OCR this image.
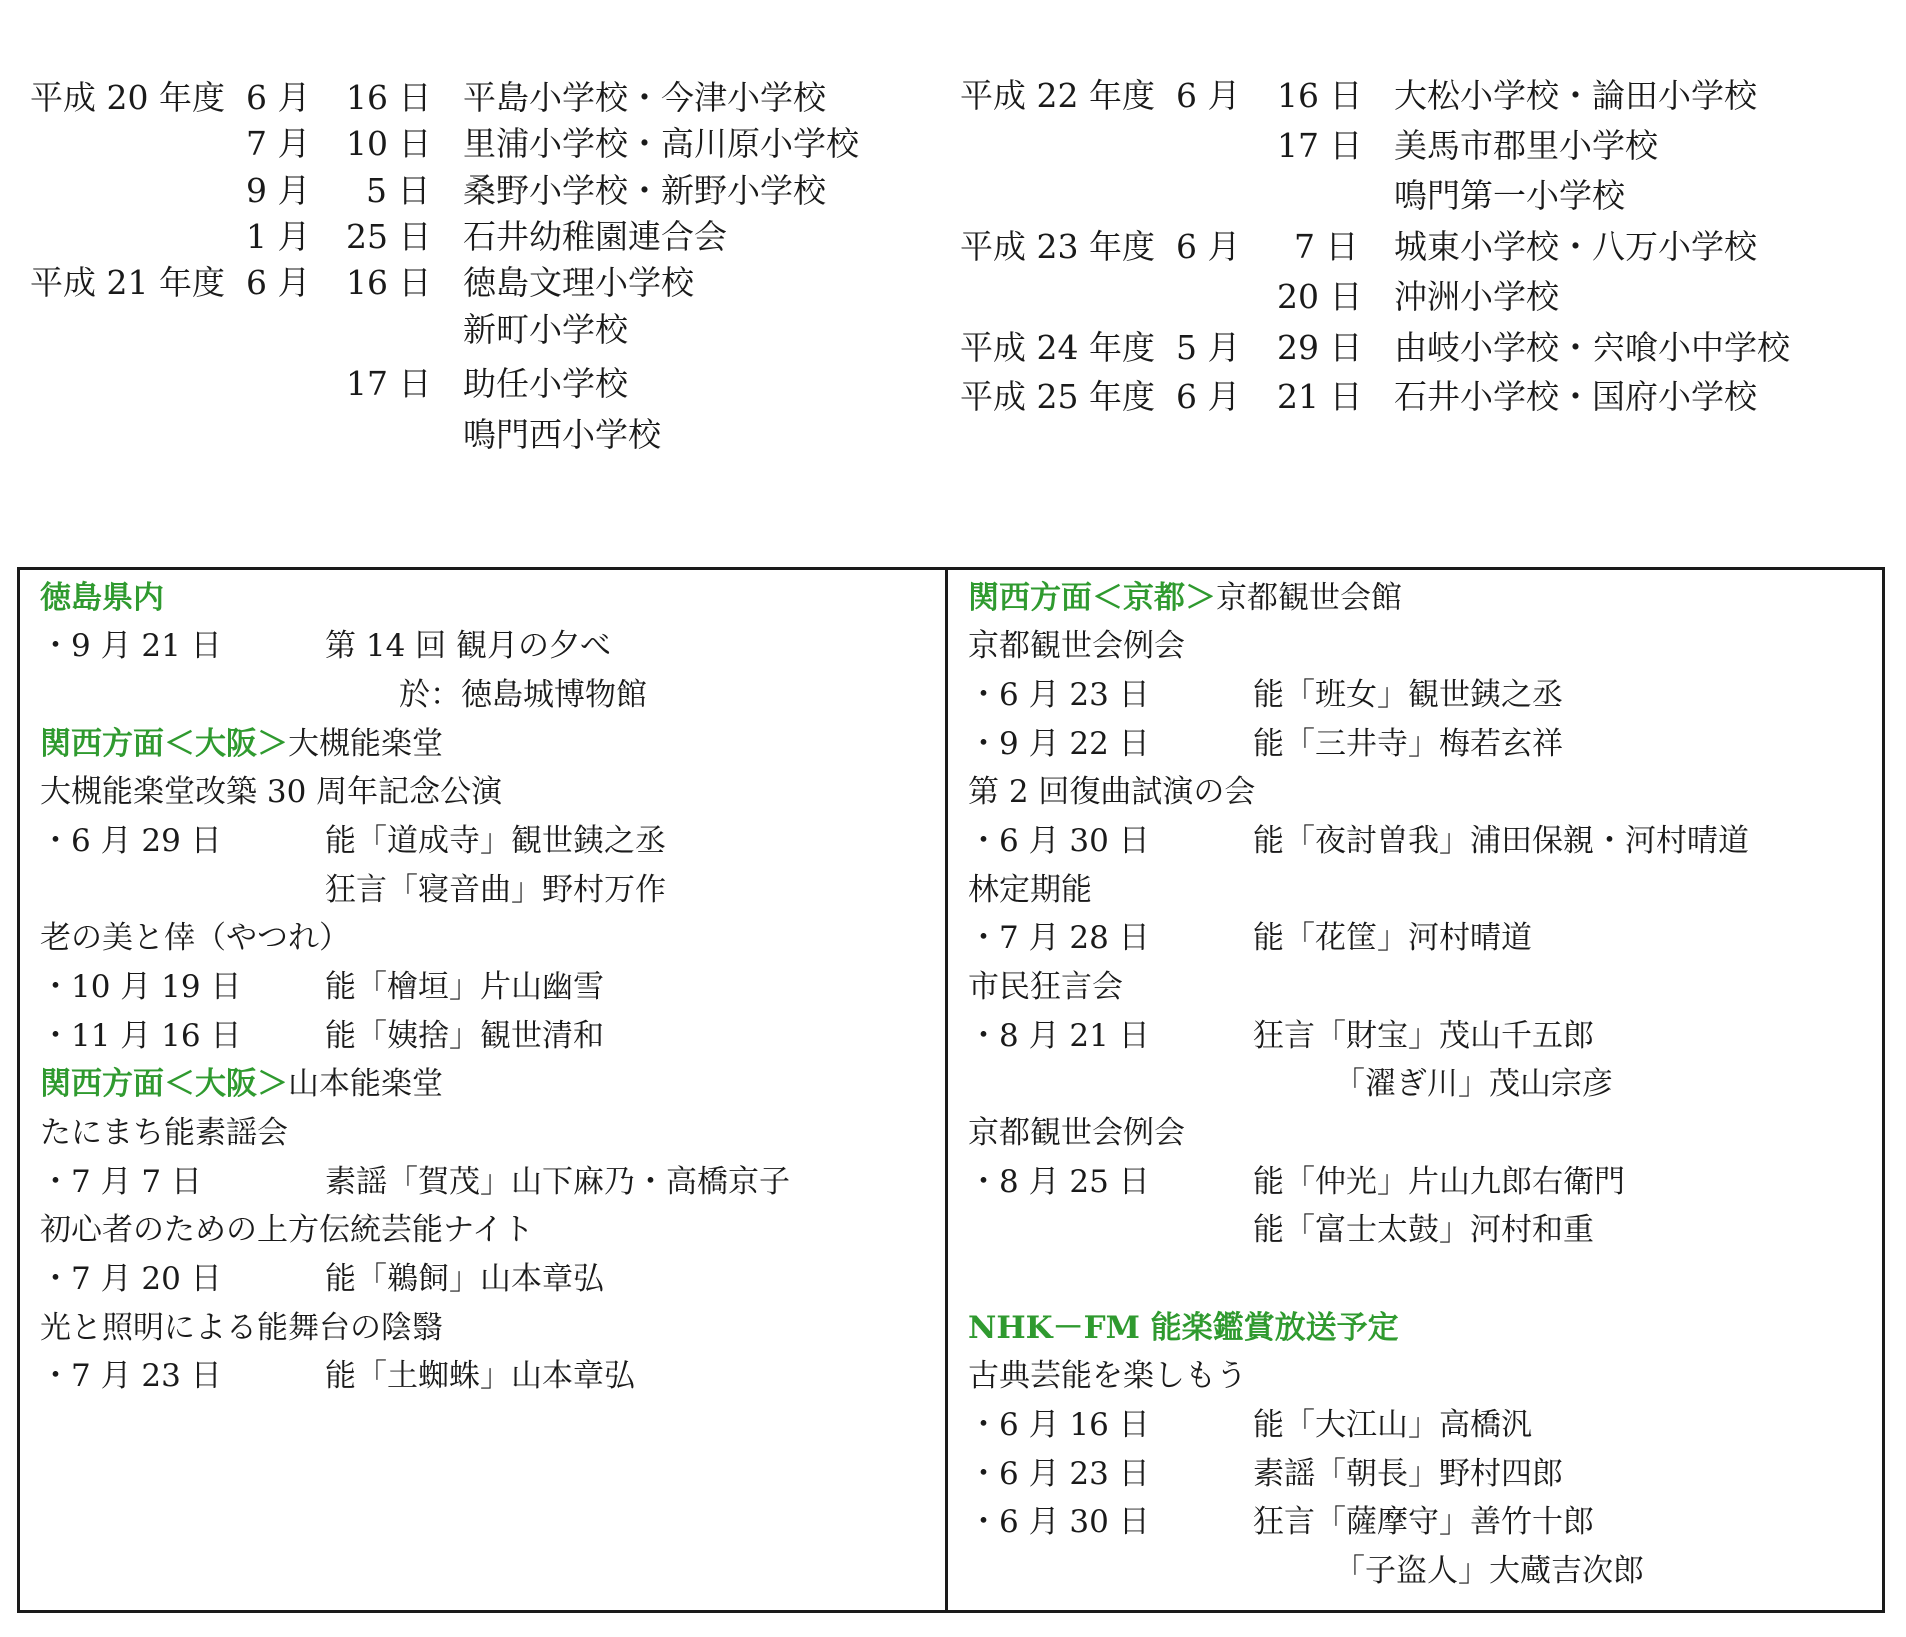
平成 20 年度 6 月 16 日 平島小学校・今津小学校
7 月 10 日 里浦小学校・高川原小学校
9 月 5 日 桑野小学校・新野小学校
1 月 25 日 石井幼稚園連合会
平成 21 年度 6 月 16 日 徳島文理小学校
新町小学校
17 日 助任小学校
鳴門西小学校
平成 22 年度 6 月 16 日 大松小学校・論田小学校
17 日 美馬市郡里小学校
鳴門第一小学校
平成 23 年度 6 月 7 日 城東小学校・八万小学校
20 日 沖洲小学校
平成 24 年度 5 月 29 日 由岐小学校・宍喰小中学校
平成 25 年度 6 月 21 日 石井小学校・国府小学校
徳島県内
・9 月 21 日	第 14 回 観月の夕べ
於：徳島城博物館
関西方面＜大阪＞大槻能楽堂
大槻能楽堂改築 30 周年記念公演
・6 月 29 日	能「道成寺」観世銕之丞
狂言「寝音曲」野村万作
老の美と倖（やつれ）
・10 月 19 日	能「檜垣」片山幽雪
・11 月 16 日	能「姨捨」観世清和
関西方面＜大阪＞山本能楽堂
たにまち能素謡会
・7 月 7 日	素謡「賀茂」山下麻乃・高橋京子
初心者のための上方伝統芸能ナイト
・7 月 20 日	能「鵜飼」山本章弘
光と照明による能舞台の陰翳
・7 月 23 日	能「土蜘蛛」山本章弘
関西方面＜京都＞京都観世会館
京都観世会例会
・6 月 23 日	能「班女」観世銕之丞
・9 月 22 日	能「三井寺」梅若玄祥
第 2 回復曲試演の会
・6 月 30 日	能「夜討曽我」浦田保親・河村晴道
林定期能
・7 月 28 日	能「花筐」河村晴道
市民狂言会
・8 月 21 日	狂言「財宝」茂山千五郎
「濯ぎ川」茂山宗彦
京都観世会例会
・8 月 25 日	能「仲光」片山九郎右衛門
能「富士太鼓」河村和重
NHK－FM 能楽鑑賞放送予定
古典芸能を楽しもう
・6 月 16 日	能「大江山」高橋汎
・6 月 23 日	素謡「朝長」野村四郎
・6 月 30 日	狂言「薩摩守」善竹十郎
「子盗人」大蔵吉次郎
